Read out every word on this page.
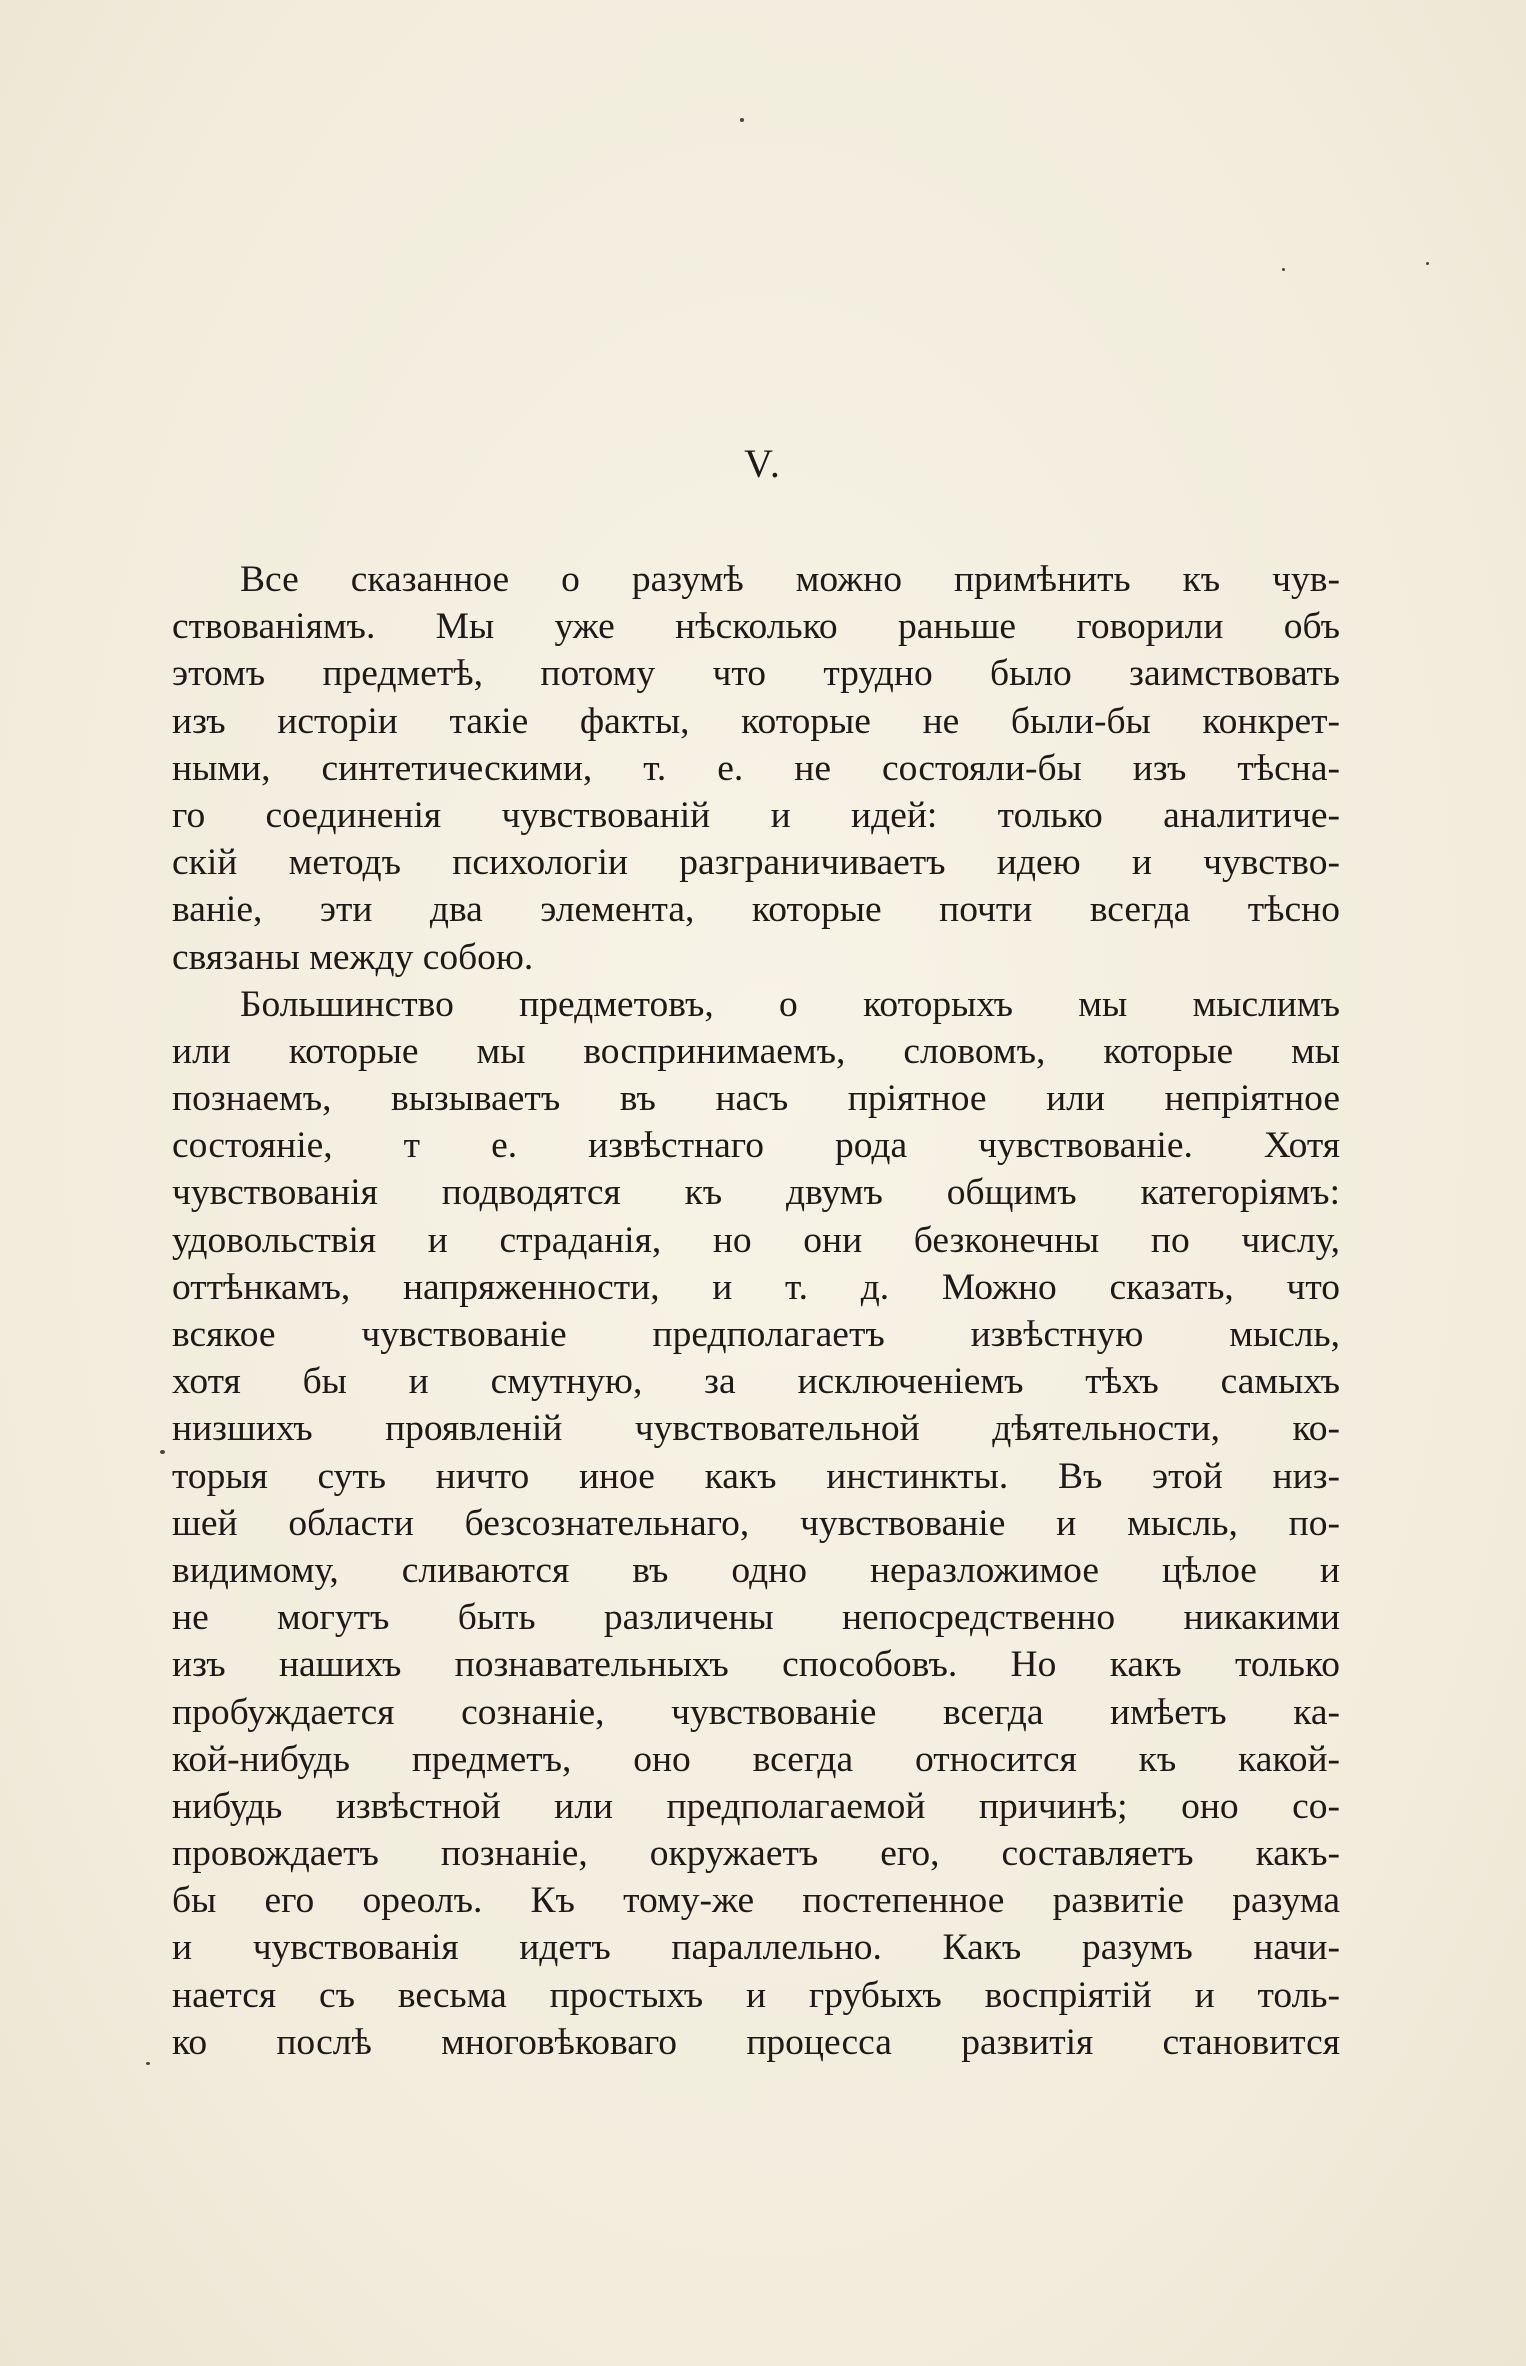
V.
Все сказанное о разумѣ можно примѣнить къ чув-
ствованіямъ. Мы уже нѣсколько раньше говорили объ
этомъ предметѣ, потому что трудно было заимствовать
изъ исторіи такіе факты, которые не были-бы конкрет-
ными, синтетическими, т. е. не состояли-бы изъ тѣсна-
го соединенія чувствованій и идей: только аналитиче-
скій методъ психологіи разграничиваетъ идею и чувство-
ваніе, эти два элемента, которые почти всегда тѣсно
связаны между собою.
Большинство предметовъ, о которыхъ мы мыслимъ
или которые мы воспринимаемъ, словомъ, которые мы
познаемъ, вызываетъ въ насъ пріятное или непріятное
состояніе, т е. извѣстнаго рода чувствованіе. Хотя
чувствованія подводятся къ двумъ общимъ категоріямъ:
удовольствія и страданія, но они безконечны по числу,
оттѣнкамъ, напряженности, и т. д. Можно сказать, что
всякое чувствованіе предполагаетъ извѣстную мысль,
хотя бы и смутную, за исключеніемъ тѣхъ самыхъ
низшихъ проявленій чувствовательной дѣятельности, ко-
торыя суть ничто иное какъ инстинкты. Въ этой низ-
шей области безсознательнаго, чувствованіе и мысль, по-
видимому, сливаются въ одно неразложимое цѣлое и
не могутъ быть различены непосредственно никакими
изъ нашихъ познавательныхъ способовъ. Но какъ только
пробуждается сознаніе, чувствованіе всегда имѣетъ ка-
кой-нибудь предметъ, оно всегда относится къ какой-
нибудь извѣстной или предполагаемой причинѣ; оно со-
провождаетъ познаніе, окружаетъ его, составляетъ какъ-
бы его ореолъ. Къ тому-же постепенное развитіе разума
и чувствованія идетъ параллельно. Какъ разумъ начи-
нается съ весьма простыхъ и грубыхъ воспріятій и толь-
ко послѣ многовѣковаго процесса развитія становится
